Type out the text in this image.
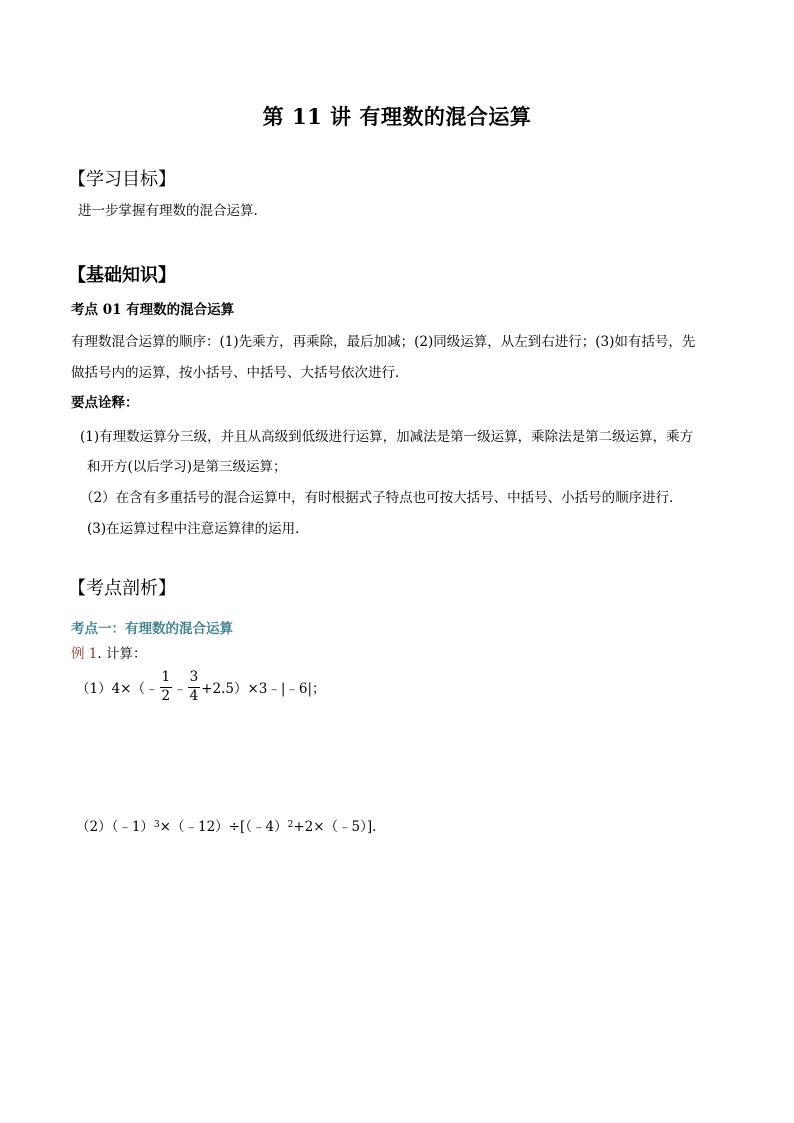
第 11 讲 有理数的混合运算
【学习目标】
进一步掌握有理数的混合运算.
【基础知识】
考点 01 有理数的混合运算
有理数混合运算的顺序：(1)先乘方，再乘除，最后加减；(2)同级运算，从左到右进行；(3)如有括号，先
做括号内的运算，按小括号、中括号、大括号依次进行．
要点诠释：
(1)有理数运算分三级，并且从高级到低级进行运算，加减法是第一级运算，乘除法是第二级运算，乘方
和开方(以后学习)是第三级运算；
（2）在含有多重括号的混合运算中，有时根据式子特点也可按大括号、中括号、小括号的顺序进行．
(3)在运算过程中注意运算律的运用．
【考点剖析】
考点一：有理数的混合运算
例 1. 计算：
（1）4×（﹣ $\frac{1}{2}$ ﹣ $\frac{3}{4}$ +2.5）×3﹣|﹣6|；
（2）（﹣1） 3 ×（﹣12）÷[（﹣4） 2 +2×（﹣5）].
